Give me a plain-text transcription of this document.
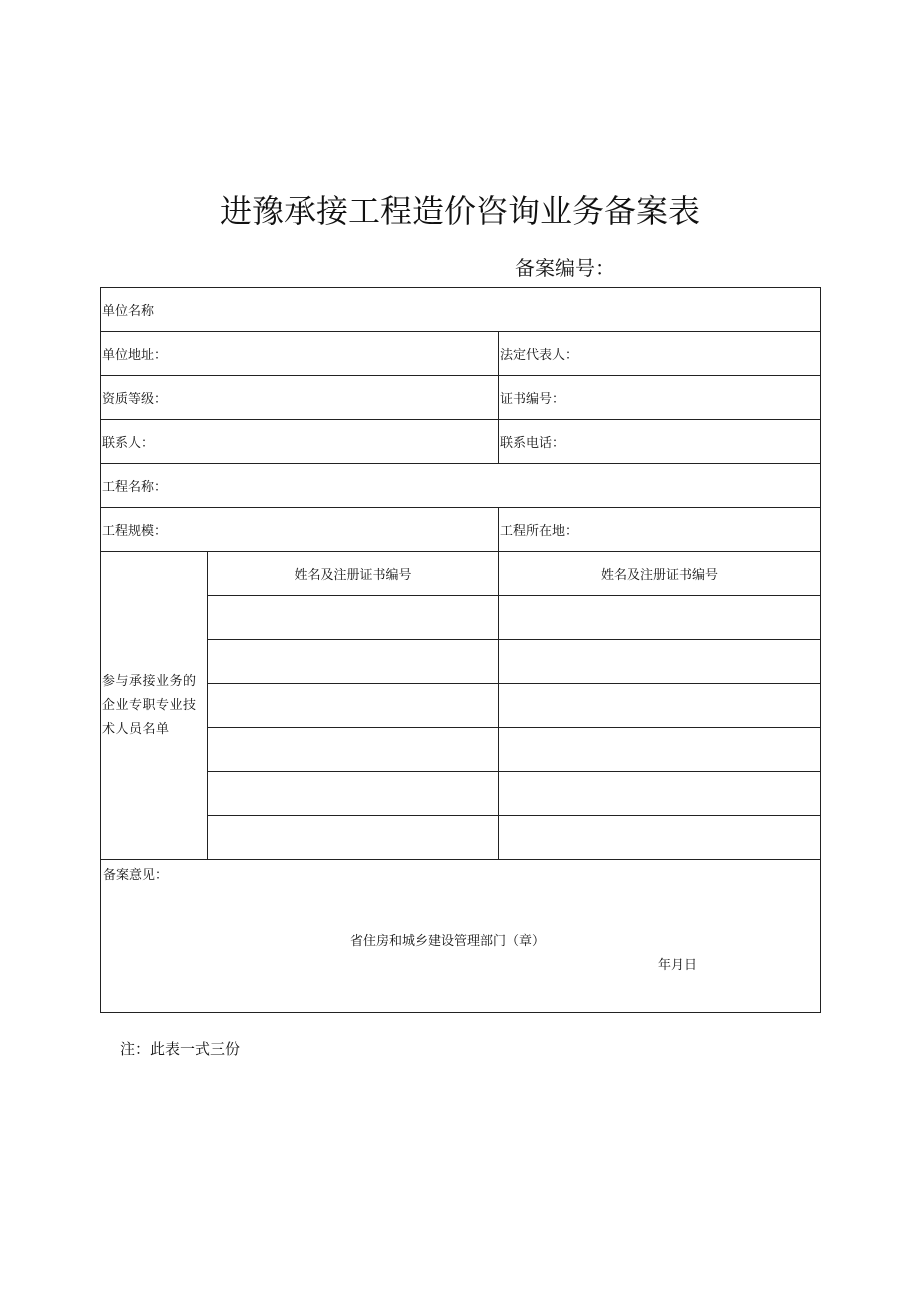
进豫承接工程造价咨询业务备案表
备案编号：
单位名称		
单位地址：		法定代表人：
资质等级：		证书编号：
联系人：		联系电话：
工程名称：		
工程规模：		工程所在地：
参与承接业务的企业专职专业技术人员名单	姓名及注册证书编号	姓名及注册证书编号

备案意见：
省住房和城乡建设管理部门（章）
年月日		
注：此表一式三份
